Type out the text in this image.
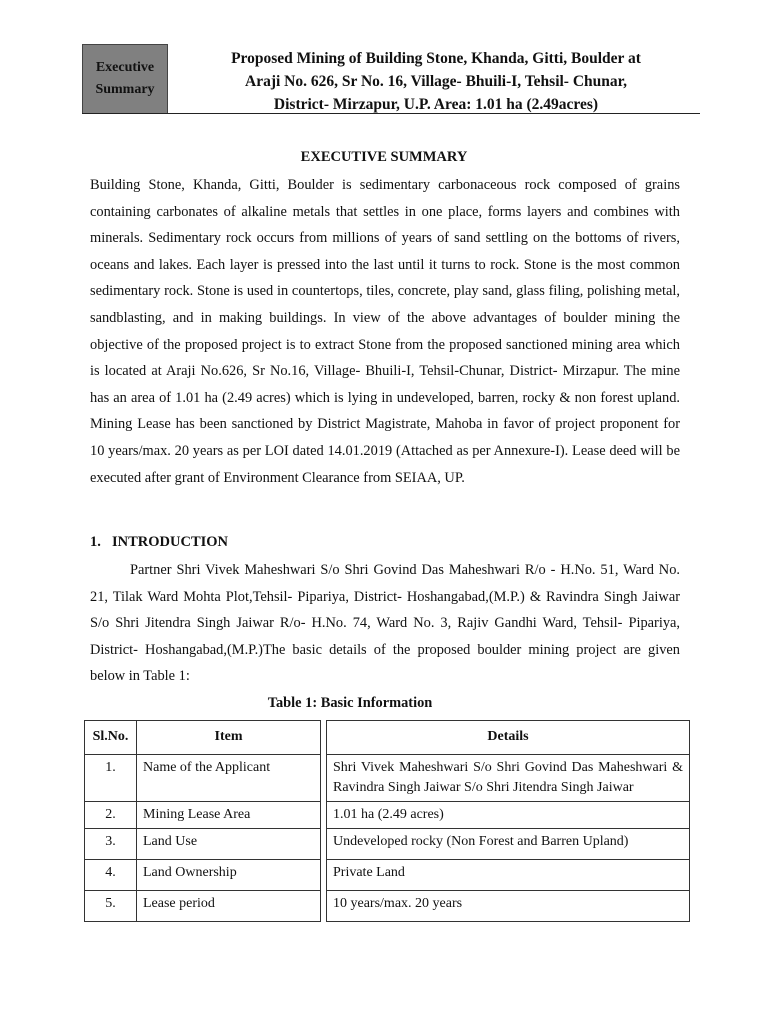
Executive
Summary
Proposed Mining of Building Stone, Khanda, Gitti, Boulder at
Araji No. 626, Sr No. 16, Village- Bhuili-I, Tehsil- Chunar,
District- Mirzapur, U.P. Area: 1.01 ha (2.49acres)
EXECUTIVE SUMMARY

Building Stone, Khanda, Gitti, Boulder is sedimentary carbonaceous rock composed of grains containing carbonates of alkaline metals that settles in one place, forms layers and combines with minerals. Sedimentary rock occurs from millions of years of sand settling on the bottoms of rivers, oceans and lakes. Each layer is pressed into the last until it turns to rock. Stone is the most common sedimentary rock. Stone is used in countertops, tiles, concrete, play sand, glass filing, polishing metal, sandblasting, and in making buildings. In view of the above advantages of boulder mining the objective of the proposed project is to extract Stone from the proposed sanctioned mining area which is located at Araji No.626, Sr No.16, Village- Bhuili-I, Tehsil-Chunar, District- Mirzapur. The mine has an area of 1.01 ha (2.49 acres) which is lying in undeveloped, barren, rocky & non forest upland. Mining Lease has been sanctioned by District Magistrate, Mahoba in favor of project proponent for 10 years/max. 20 years as per LOI dated 14.01.2019 (Attached as per Annexure-I). Lease deed will be executed after grant of Environment Clearance from SEIAA, UP.

1. INTRODUCTION

Partner Shri Vivek Maheshwari S/o Shri Govind Das Maheshwari R/o - H.No. 51, Ward No. 21, Tilak Ward Mohta Plot,Tehsil- Pipariya, District- Hoshangabad,(M.P.) & Ravindra Singh Jaiwar S/o Shri Jitendra Singh Jaiwar R/o- H.No. 74, Ward No. 3, Rajiv Gandhi Ward, Tehsil- Pipariya, District- Hoshangabad,(M.P.)The basic details of the proposed boulder mining project are given below in Table 1:

Table 1: Basic Information
Sl.No.	Item		Details
1.	Name of the Applicant		Shri Vivek Maheshwari S/o Shri Govind Das Maheshwari & Ravindra Singh Jaiwar S/o Shri Jitendra Singh Jaiwar
2.	Mining Lease Area		1.01 ha (2.49 acres)
3.	Land Use		Undeveloped rocky (Non Forest and Barren Upland)
4.	Land Ownership		Private Land
5.	Lease period		10 years/max. 20 years
